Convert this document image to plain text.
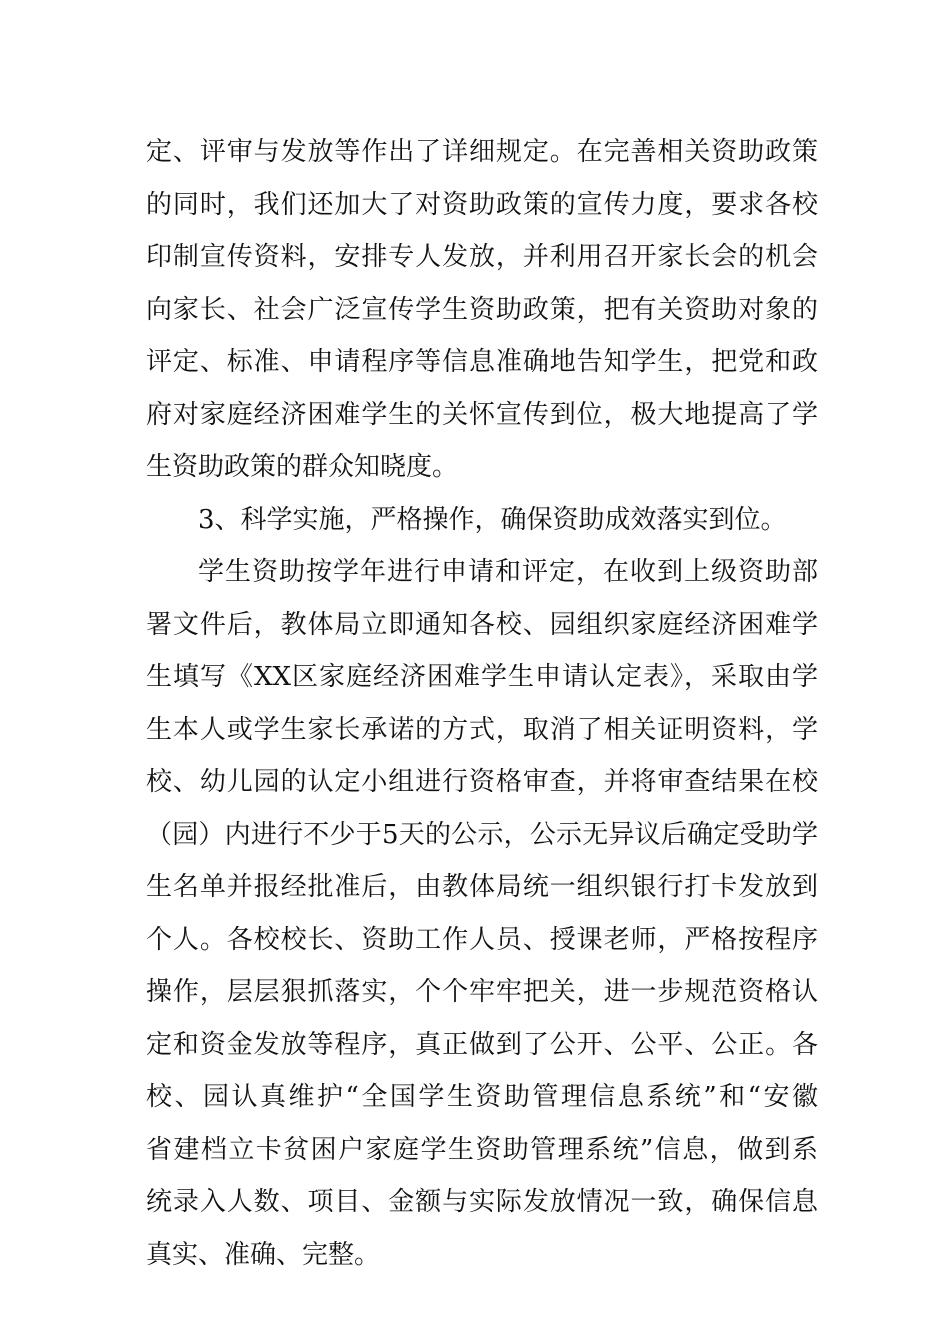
定、评审与发放等作出了详细规定。在完善相关资助政策
的同时，我们还加大了对资助政策的宣传力度，要求各校
印制宣传资料，安排专人发放，并利用召开家长会的机会
向家长、社会广泛宣传学生资助政策，把有关资助对象的
评定、标准、申请程序等信息准确地告知学生，把党和政
府对家庭经济困难学生的关怀宣传到位，极大地提高了学
生资助政策的群众知晓度。
3、科学实施，严格操作，确保资助成效落实到位。
学生资助按学年进行申请和评定，在收到上级资助部
署文件后，教体局立即通知各校、园组织家庭经济困难学
生填写《XX区家庭经济困难学生申请认定表》，采取由学
生本人或学生家长承诺的方式，取消了相关证明资料，学
校、幼儿园的认定小组进行资格审查，并将审查结果在校
（园）内进行不少于5天的公示，公示无异议后确定受助学
生名单并报经批准后，由教体局统一组织银行打卡发放到
个人。各校校长、资助工作人员、授课老师，严格按程序
操作，层层狠抓落实，个个牢牢把关，进一步规范资格认
定和资金发放等程序，真正做到了公开、公平、公正。各
校、园认真维护“全国学生资助管理信息系统”和“安徽
省建档立卡贫困户家庭学生资助管理系统”信息，做到系
统录入人数、项目、金额与实际发放情况一致，确保信息
真实、准确、完整。
